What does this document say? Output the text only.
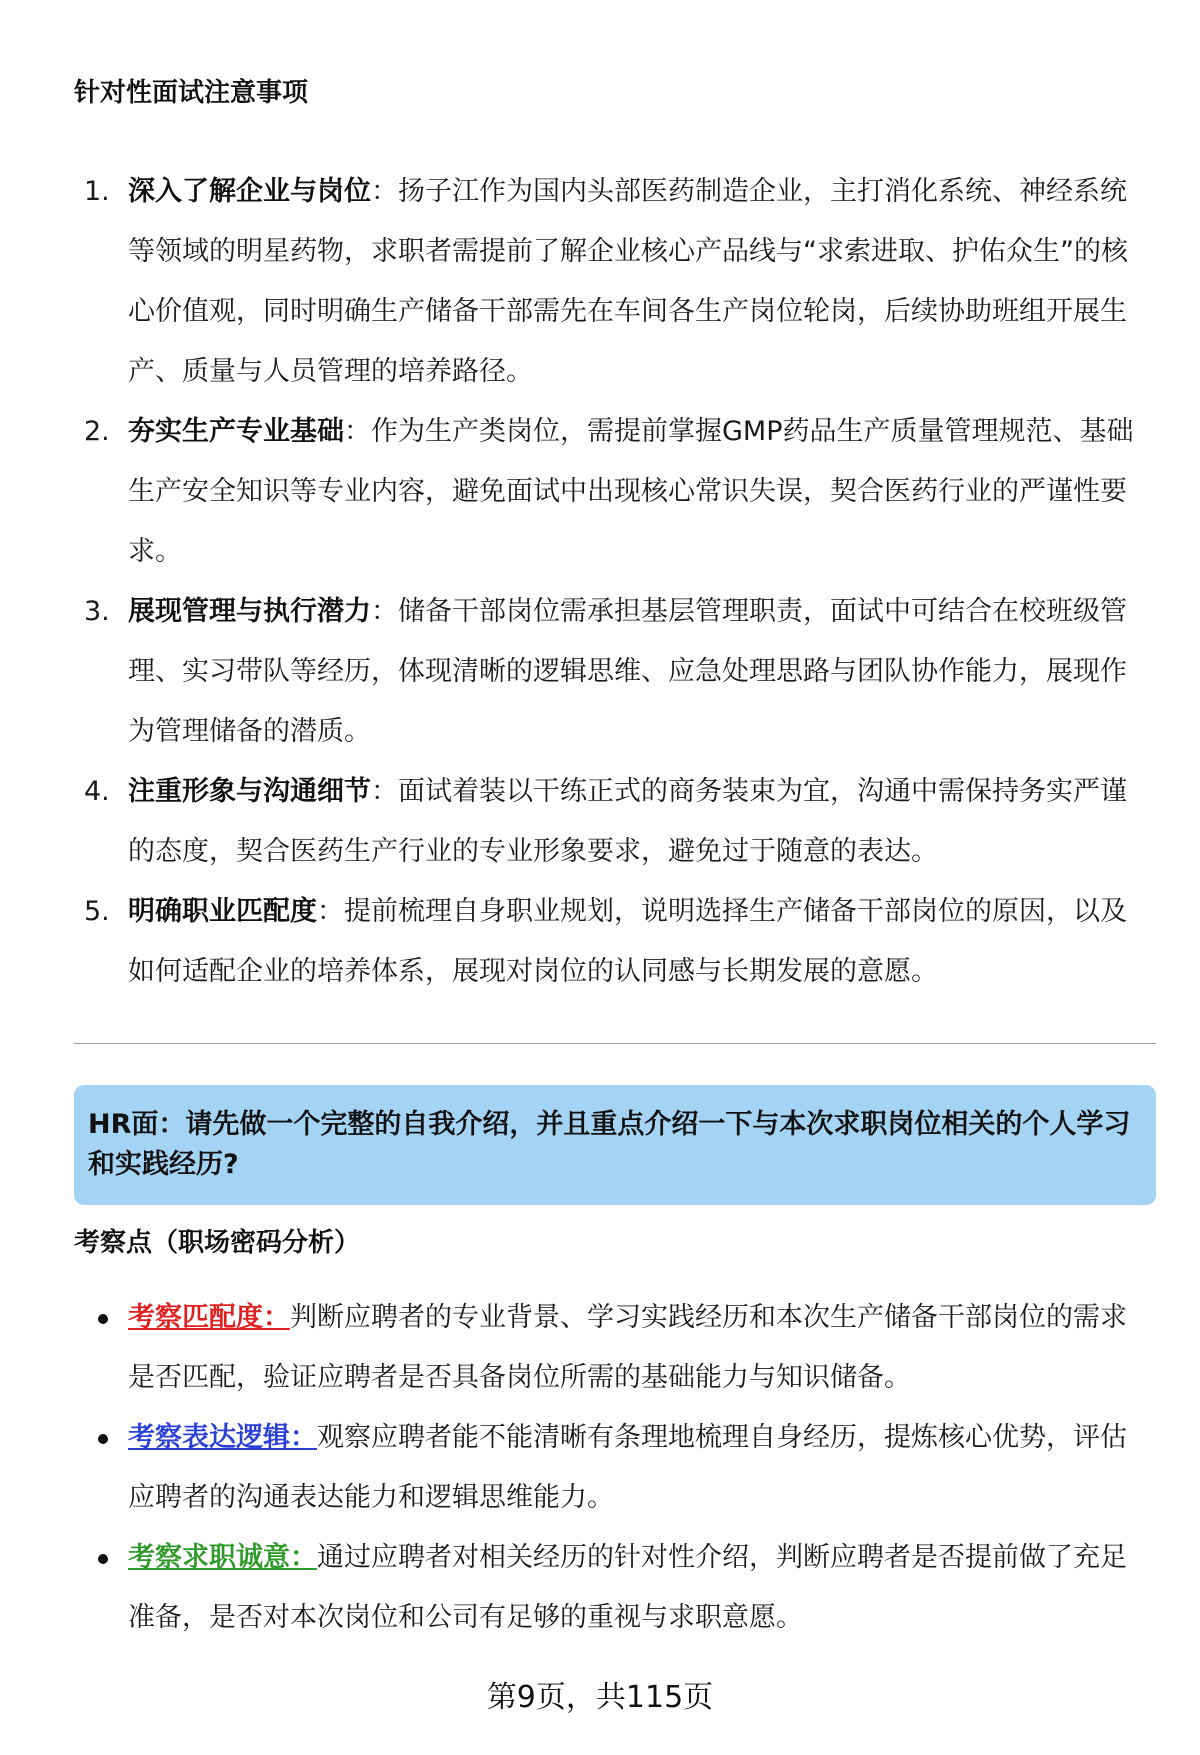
针对性面试注意事项
1. 深入了解企业与岗位：扬子江作为国内头部医药制造企业，主打消化系统、神经系统等领域的明星药物，求职者需提前了解企业核心产品线与“求索进取、护佑众生”的核心价值观，同时明确生产储备干部需先在车间各生产岗位轮岗，后续协助班组开展生产、质量与人员管理的培养路径。
2. 夯实生产专业基础：作为生产类岗位，需提前掌握GMP药品生产质量管理规范、基础生产安全知识等专业内容，避免面试中出现核心常识失误，契合医药行业的严谨性要求。
3. 展现管理与执行潜力：储备干部岗位需承担基层管理职责，面试中可结合在校班级管理、实习带队等经历，体现清晰的逻辑思维、应急处理思路与团队协作能力，展现作为管理储备的潜质。
4. 注重形象与沟通细节：面试着装以干练正式的商务装束为宜，沟通中需保持务实严谨的态度，契合医药生产行业的专业形象要求，避免过于随意的表达。
5. 明确职业匹配度：提前梳理自身职业规划，说明选择生产储备干部岗位的原因，以及如何适配企业的培养体系，展现对岗位的认同感与长期发展的意愿。
HR面：请先做一个完整的自我介绍，并且重点介绍一下与本次求职岗位相关的个人学习和实践经历?
考察点（职场密码分析）
考察匹配度：判断应聘者的专业背景、学习实践经历和本次生产储备干部岗位的需求是否匹配，验证应聘者是否具备岗位所需的基础能力与知识储备。
考察表达逻辑：观察应聘者能不能清晰有条理地梳理自身经历，提炼核心优势，评估应聘者的沟通表达能力和逻辑思维能力。
考察求职诚意：通过应聘者对相关经历的针对性介绍，判断应聘者是否提前做了充足准备，是否对本次岗位和公司有足够的重视与求职意愿。
第9页，共115页
